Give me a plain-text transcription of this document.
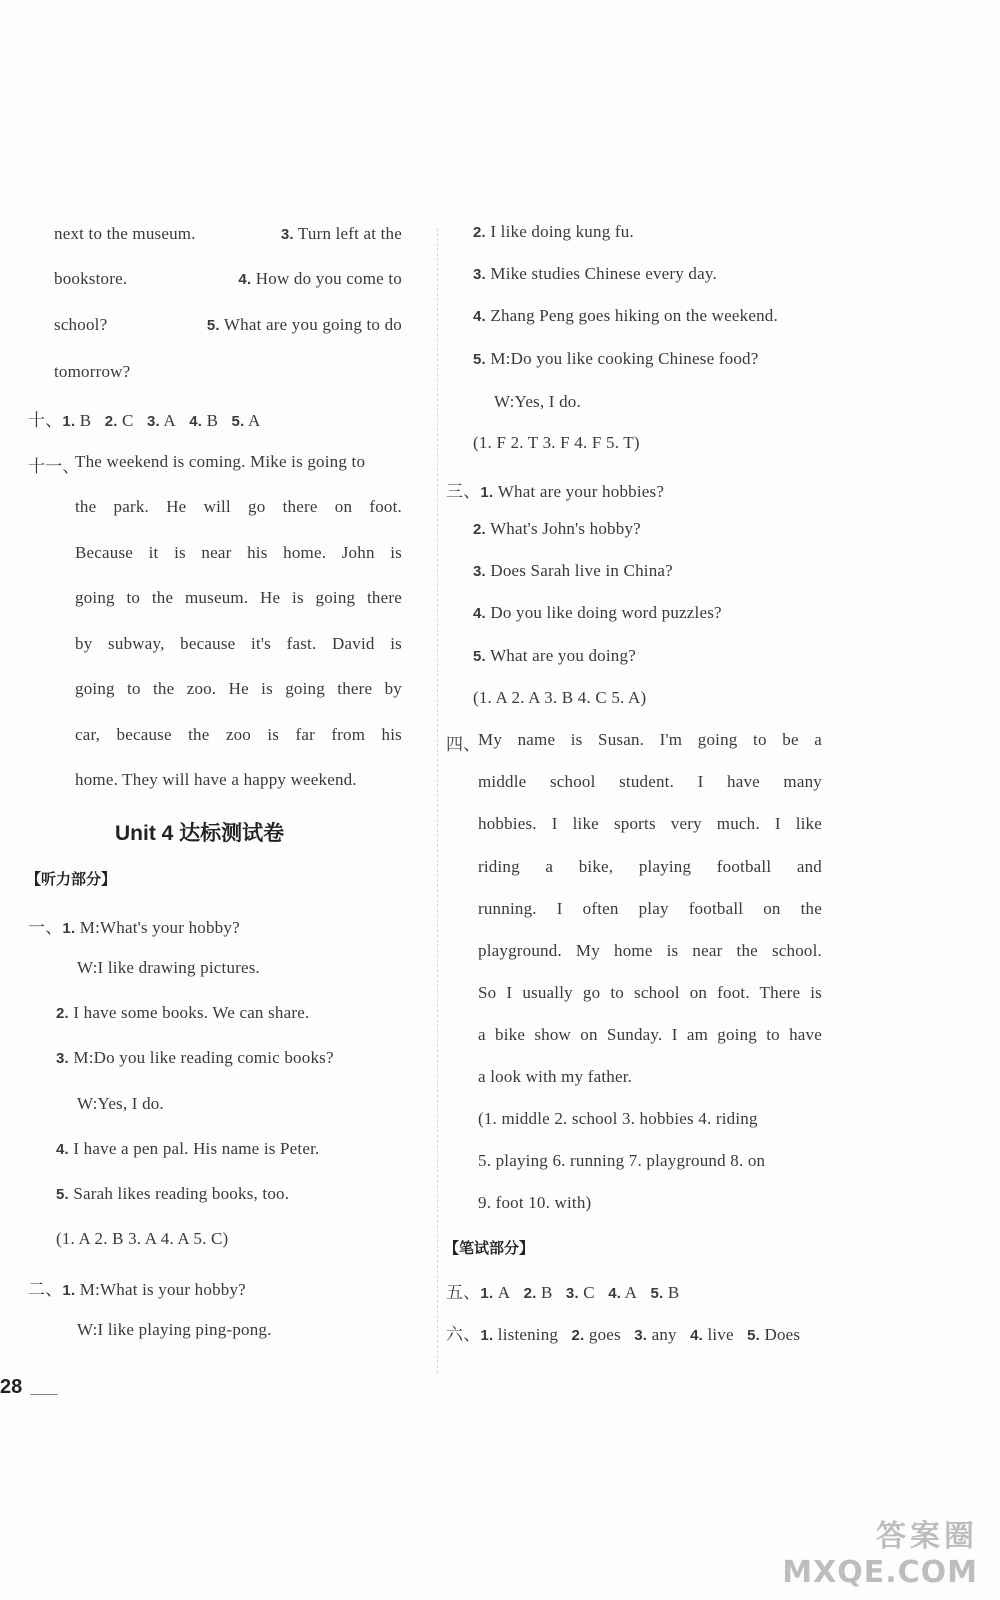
next to the museum.	3. Turn left at the
bookstore.	4. How do you come to
school?	5. What are you going to do
tomorrow?
十、1. B 2. C 3. A 4. B 5. A
十一、
The weekend is coming. Mike is going to
the park. He will go there on foot.
Because it is near his home. John is
going to the museum. He is going there
by subway, because it's fast. David is
going to the zoo. He is going there by
car, because the zoo is far from his
home. They will have a happy weekend.
Unit 4 达标测试卷
【听力部分】
一、1. M:What's your hobby?
W:I like drawing pictures.
2. I have some books. We can share.
3. M:Do you like reading comic books?
W:Yes, I do.
4. I have a pen pal. His name is Peter.
5. Sarah likes reading books, too.
(1. A 2. B 3. A 4. A 5. C)
二、1. M:What is your hobby?
W:I like playing ping-pong.
28
2. I like doing kung fu.
3. Mike studies Chinese every day.
4. Zhang Peng goes hiking on the weekend.
5. M:Do you like cooking Chinese food?
W:Yes, I do.
(1. F 2. T 3. F 4. F 5. T)
三、1. What are your hobbies?
2. What's John's hobby?
3. Does Sarah live in China?
4. Do you like doing word puzzles?
5. What are you doing?
(1. A 2. A 3. B 4. C 5. A)
四、
My name is Susan. I'm going to be a
middle school student. I have many
hobbies. I like sports very much. I like
riding a bike, playing football and
running. I often play football on the
playground. My home is near the school.
So I usually go to school on foot. There is
a bike show on Sunday. I am going to have
a look with my father.
(1. middle 2. school 3. hobbies 4. riding
5. playing 6. running 7. playground 8. on
9. foot 10. with)
【笔试部分】
五、1. A 2. B 3. C 4. A 5. B
六、1. listening 2. goes 3. any 4. live 5. Does
答案圈
MXQE.COM
